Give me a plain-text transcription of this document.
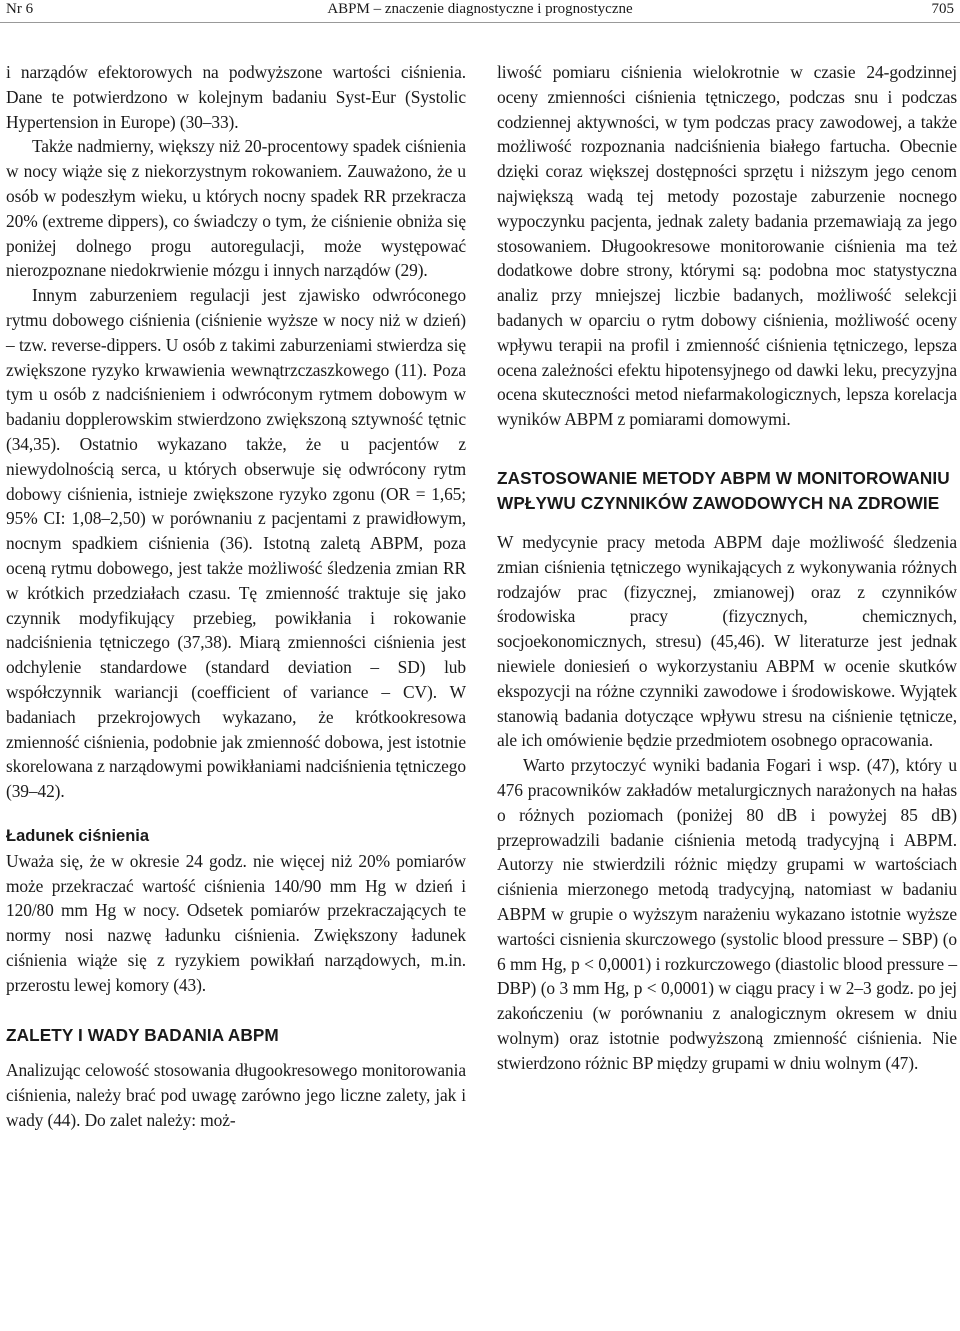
Nr 6	ABPM – znaczenie diagnostyczne i prognostyczne	705

i narządów efektorowych na podwyższone wartości ciśnienia. Dane te potwierdzono w kolejnym badaniu Syst-Eur (Systolic Hypertension in Europe) (30–33).

Także nadmierny, większy niż 20-procentowy spadek ciśnienia w nocy wiąże się z niekorzystnym rokowaniem. Zauważono, że u osób w podeszłym wieku, u których nocny spadek RR przekracza 20% (extreme dippers), co świadczy o tym, że ciśnienie obniża się poniżej dolnego progu autoregulacji, może występować nierozpoznane niedokrwienie mózgu i innych narządów (29).

Innym zaburzeniem regulacji jest zjawisko odwróconego rytmu dobowego ciśnienia (ciśnienie wyższe w nocy niż w dzień) – tzw. reverse-dippers. U osób z takimi zaburzeniami stwierdza się zwiększone ryzyko krwawienia wewnątrzczaszkowego (11). Poza tym u osób z nadciśnieniem i odwróconym rytmem dobowym w badaniu dopplerowskim stwierdzono zwiększoną sztywność tętnic (34,35). Ostatnio wykazano także, że u pacjentów z niewydolnością serca, u których obserwuje się odwrócony rytm dobowy ciśnienia, istnieje zwiększone ryzyko zgonu (OR = 1,65; 95% CI: 1,08–2,50) w porównaniu z pacjentami z prawidłowym, nocnym spadkiem ciśnienia (36). Istotną zaletą ABPM, poza oceną rytmu dobowego, jest także możliwość śledzenia zmian RR w krótkich przedziałach czasu. Tę zmienność traktuje się jako czynnik modyfikujący przebieg, powikłania i rokowanie nadciśnienia tętniczego (37,38). Miarą zmienności ciśnienia jest odchylenie standardowe (standard deviation – SD) lub współczynnik wariancji (coefficient of variance – CV). W badaniach przekrojowych wykazano, że krótkookresowa zmienność ciśnienia, podobnie jak zmienność dobowa, jest istotnie skorelowana z narządowymi powikłaniami nadciśnienia tętniczego (39–42).

Ładunek ciśnienia

Uważa się, że w okresie 24 godz. nie więcej niż 20% pomiarów może przekraczać wartość ciśnienia 140/90 mm Hg w dzień i 120/80 mm Hg w nocy. Odsetek pomiarów przekraczających te normy nosi nazwę ładunku ciśnienia. Zwiększony ładunek ciśnienia wiąże się z ryzykiem powikłań narządowych, m.in. przerostu lewej komory (43).

ZALETY I WADY BADANIA ABPM

Analizując celowość stosowania długookresowego monitorowania ciśnienia, należy brać pod uwagę zarówno jego liczne zalety, jak i wady (44). Do zalet należy: moż-

liwość pomiaru ciśnienia wielokrotnie w czasie 24-godzinnej oceny zmienności ciśnienia tętniczego, podczas snu i podczas codziennej aktywności, w tym podczas pracy zawodowej, a także możliwość rozpoznania nadciśnienia białego fartucha. Obecnie dzięki coraz większej dostępności sprzętu i niższym jego cenom największą wadą tej metody pozostaje zaburzenie nocnego wypoczynku pacjenta, jednak zalety badania przemawiają za jego stosowaniem. Długookresowe monitorowanie ciśnienia ma też dodatkowe dobre strony, którymi są: podobna moc statystyczna analiz przy mniejszej liczbie badanych, możliwość selekcji badanych w oparciu o rytm dobowy ciśnienia, możliwość oceny wpływu terapii na profil i zmienność ciśnienia tętniczego, lepsza ocena zależności efektu hipotensyjnego od dawki leku, precyzyjna ocena skuteczności metod niefarmakologicznych, lepsza korelacja wyników ABPM z pomiarami domowymi.

ZASTOSOWANIE METODY ABPM W MONITOROWANIU WPŁYWU CZYNNIKÓW ZAWODOWYCH NA ZDROWIE

W medycynie pracy metoda ABPM daje możliwość śledzenia zmian ciśnienia tętniczego wynikających z wykonywania różnych rodzajów prac (fizycznej, zmianowej) oraz z czynników środowiska pracy (fizycznych, chemicznych, socjoekonomicznych, stresu) (45,46). W literaturze jest jednak niewiele doniesień o wykorzystaniu ABPM w ocenie skutków ekspozycji na różne czynniki zawodowe i środowiskowe. Wyjątek stanowią badania dotyczące wpływu stresu na ciśnienie tętnicze, ale ich omówienie będzie przedmiotem osobnego opracowania.

Warto przytoczyć wyniki badania Fogari i wsp. (47), który u 476 pracowników zakładów metalurgicznych narażonych na hałas o różnych poziomach (poniżej 80 dB i powyżej 85 dB) przeprowadzili badanie ciśnienia metodą tradycyjną i ABPM. Autorzy nie stwierdzili różnic między grupami w wartościach ciśnienia mierzonego metodą tradycyjną, natomiast w badaniu ABPM w grupie o wyższym narażeniu wykazano istotnie wyższe wartości cisnienia skurczowego (systolic blood pressure – SBP) (o 6 mm Hg, p < 0,0001) i rozkurczowego (diastolic blood pressure – DBP) (o 3 mm Hg, p < 0,0001) w ciągu pracy i w 2–3 godz. po jej zakończeniu (w porównaniu z analogicznym okresem w dniu wolnym) oraz istotnie podwyższoną zmienność ciśnienia. Nie stwierdzono różnic BP między grupami w dniu wolnym (47).
